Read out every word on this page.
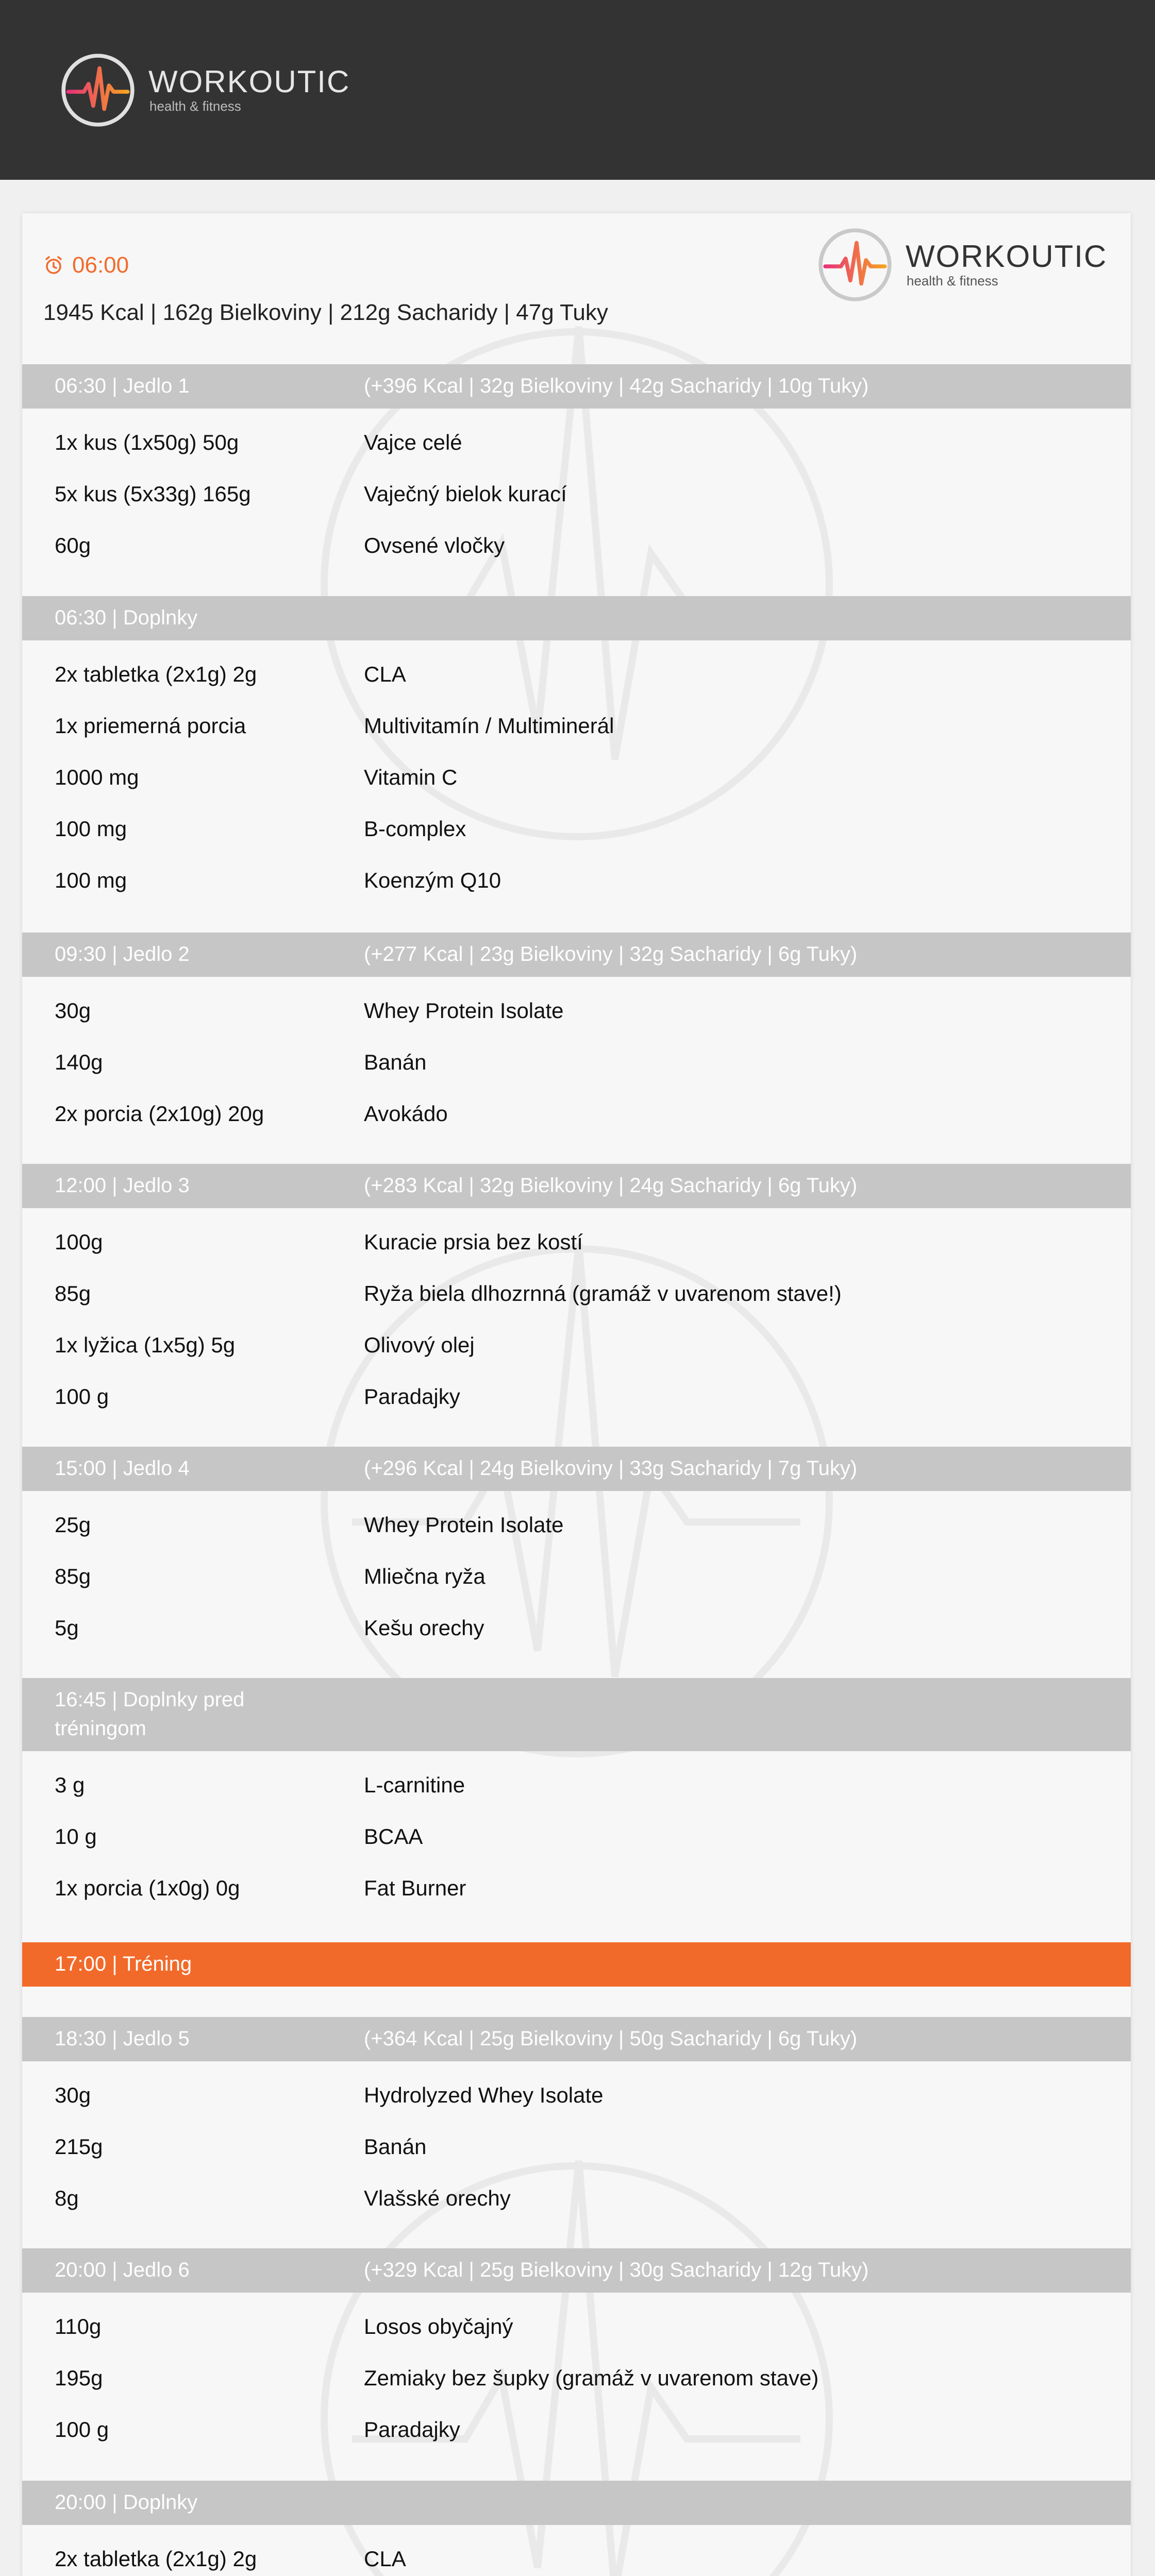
WORKOUTIC
health & fitness
WORKOUTIC
health & fitness
06:00
1945 Kcal | 162g Bielkoviny | 212g Sacharidy | 47g Tuky
06:30 | Jedlo 1	(+396 Kcal | 32g Bielkoviny | 42g Sacharidy | 10g Tuky)
1x kus (1x50g) 50g	Vajce celé
5x kus (5x33g) 165g	Vaječný bielok kurací
60g	Ovsené vločky
06:30 | Doplnky
2x tabletka (2x1g) 2g	CLA
1x priemerná porcia	Multivitamín / Multiminerál
1000 mg	Vitamin C
100 mg	B-complex
100 mg	Koenzým Q10
09:30 | Jedlo 2	(+277 Kcal | 23g Bielkoviny | 32g Sacharidy | 6g Tuky)
30g	Whey Protein Isolate
140g	Banán
2x porcia (2x10g) 20g	Avokádo
12:00 | Jedlo 3	(+283 Kcal | 32g Bielkoviny | 24g Sacharidy | 6g Tuky)
100g	Kuracie prsia bez kostí
85g	Ryža biela dlhozrnná (gramáž v uvarenom stave!)
1x lyžica (1x5g) 5g	Olivový olej
100 g	Paradajky
15:00 | Jedlo 4	(+296 Kcal | 24g Bielkoviny | 33g Sacharidy | 7g Tuky)
25g	Whey Protein Isolate
85g	Mliečna ryža
5g	Kešu orechy
16:45 | Doplnky pred tréningom
3 g	L-carnitine
10 g	BCAA
1x porcia (1x0g) 0g	Fat Burner
17:00 | Tréning
18:30 | Jedlo 5	(+364 Kcal | 25g Bielkoviny | 50g Sacharidy | 6g Tuky)
30g	Hydrolyzed Whey Isolate
215g	Banán
8g	Vlašské orechy
20:00 | Jedlo 6	(+329 Kcal | 25g Bielkoviny | 30g Sacharidy | 12g Tuky)
110g	Losos obyčajný
195g	Zemiaky bez šupky (gramáž v uvarenom stave)
100 g	Paradajky
20:00 | Doplnky
2x tabletka (2x1g) 2g	CLA
